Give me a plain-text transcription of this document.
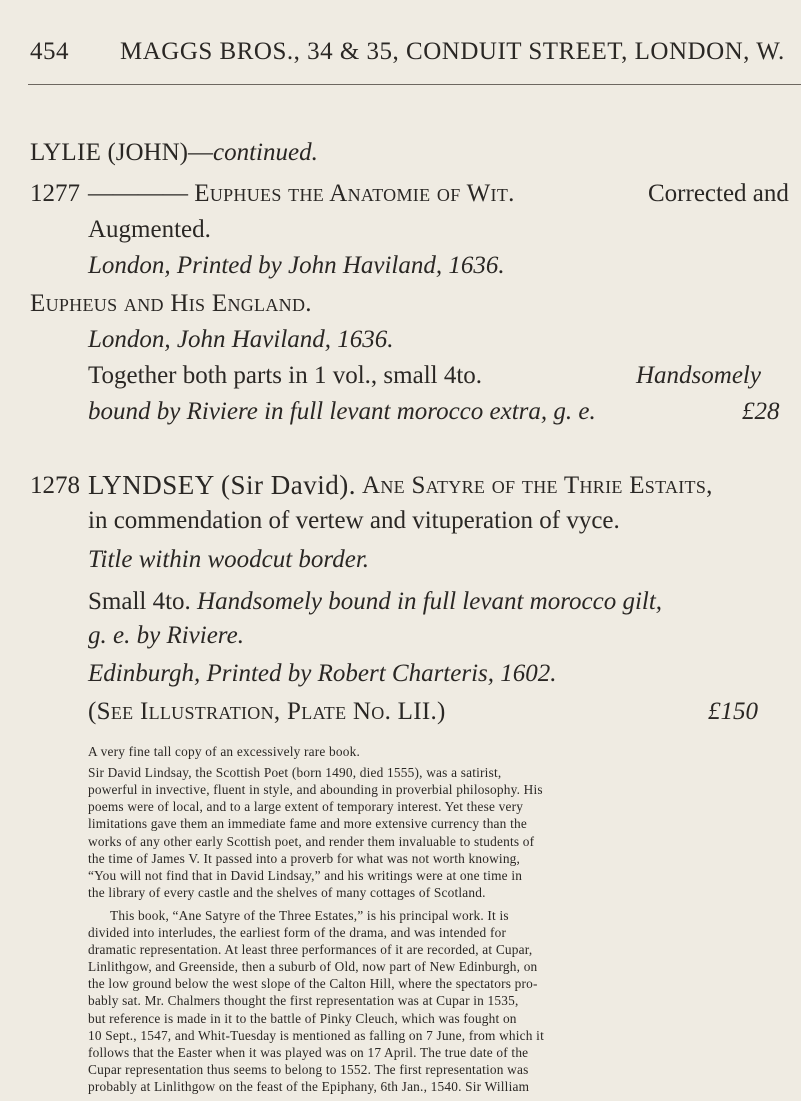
454 MAGGS BROS., 34 & 35, CONDUIT STREET, LONDON, W.
LYLIE (JOHN)—continued.
1277 ———— Euphues the Anatomie of Wit.	Corrected and
Augmented.
London, Printed by John Haviland, 1636.
Eupheus and His England.
London, John Haviland, 1636.
Together both parts in 1 vol., small 4to.	Handsomely
bound by Riviere in full levant morocco extra, g. e.	£28
1278 LYNDSEY (Sir David). Ane Satyre of the Thrie Estaits,
in commendation of vertew and vituperation of vyce.
Title within woodcut border.
Small 4to. Handsomely bound in full levant morocco gilt,
g. e. by Riviere.
Edinburgh, Printed by Robert Charteris, 1602.
(See Illustration, Plate No. LII.)	£150
A very fine tall copy of an excessively rare book.
Sir David Lindsay, the Scottish Poet (born 1490, died 1555), was a satirist,
powerful in invective, fluent in style, and abounding in proverbial philosophy. His
poems were of local, and to a large extent of temporary interest. Yet these very
limitations gave them an immediate fame and more extensive currency than the
works of any other early Scottish poet, and render them invaluable to students of
the time of James V. It passed into a proverb for what was not worth knowing,
“You will not find that in David Lindsay,” and his writings were at one time in
the library of every castle and the shelves of many cottages of Scotland.
This book, “Ane Satyre of the Three Estates,” is his principal work. It is
divided into interludes, the earliest form of the drama, and was intended for
dramatic representation. At least three performances of it are recorded, at Cupar,
Linlithgow, and Greenside, then a suburb of Old, now part of New Edinburgh, on
the low ground below the west slope of the Calton Hill, where the spectators pro-
bably sat. Mr. Chalmers thought the first representation was at Cupar in 1535,
but reference is made in it to the battle of Pinky Cleuch, which was fought on
10 Sept., 1547, and Whit-Tuesday is mentioned as falling on 7 June, from which it
follows that the Easter when it was played was on 17 April. The true date of the
Cupar representation thus seems to belong to 1552. The first representation was
probably at Linlithgow on the feast of the Epiphany, 6th Jan., 1540. Sir William
